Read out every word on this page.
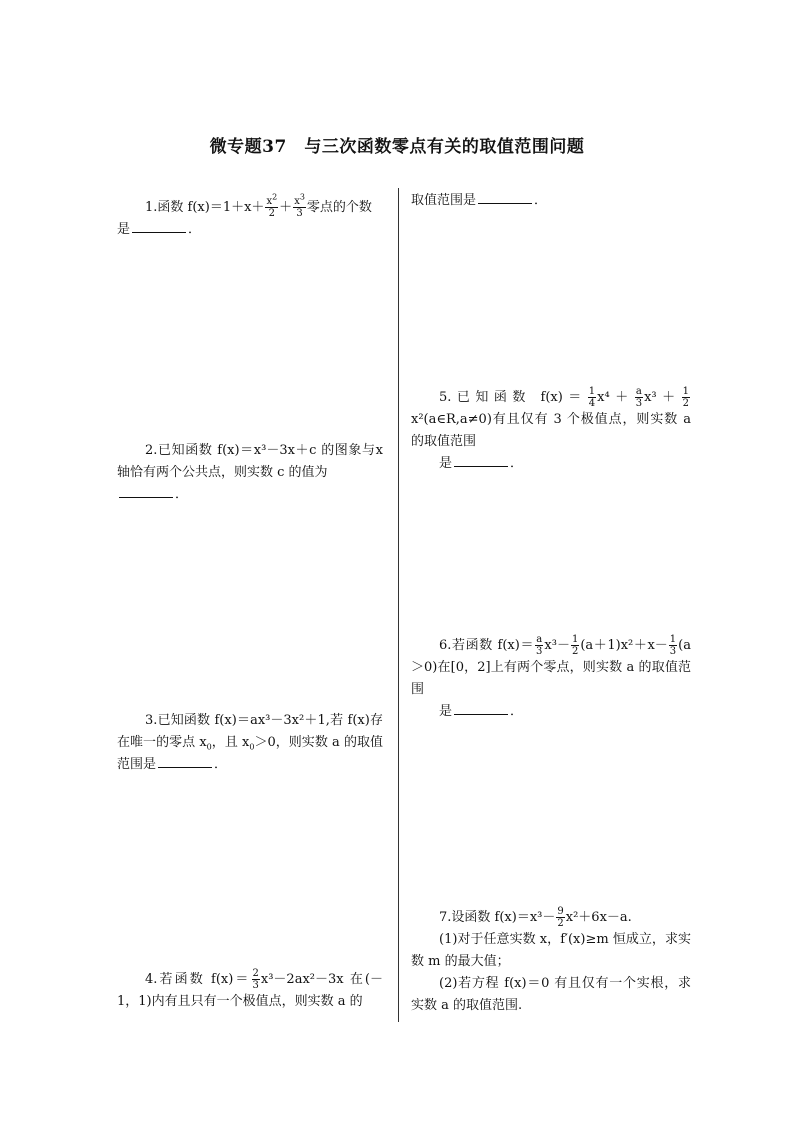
微专题37　与三次函数零点有关的取值范围问题
1.函数 $f(x)=1+x+ \frac{x^2}{2} + \frac{x^3}{3}$ 零点的个数
是	．
2.已知函数 f(x)＝x³－3x＋c 的图象与x 轴恰有两个公共点，则实数 c 的值为
．
3.已知函数 f(x)＝ax³－3x²＋1,若 f(x)存在唯一的零点 $x_0$，且 $x_0>0$，则实数 a 的取值范围是	．
4.若函数 $f(x)= \frac{2}{3} x^3-2ax^2-3x$ 在(－1，1)内有且只有一个极值点，则实数 a 的
取值范围是	．
5.已知函数 $f(x)= \frac{1}{4} x^4+ \frac{a}{3} x^3+ \frac{1}{2}$
x²(a∈R,a≠0)有且仅有 3 个极值点，则实数 a 的取值范围
是	．
6.若函数 $f(x)= \frac{a}{3} x^3- \frac{1}{2} (a+1)x^2+x- \frac{1}{3} (a>0)$在[0，2]上有两个零点，则实数 a 的取值范围
是	．
7.设函数 $f(x)=x^3- \frac{9}{2} x^2+6x-a$.

(1)对于任意实数 x，f′(x)≥m 恒成立，求实数 m 的最大值；
(2)若方程 f(x)＝0 有且仅有一个实根，求实数 a 的取值范围.
